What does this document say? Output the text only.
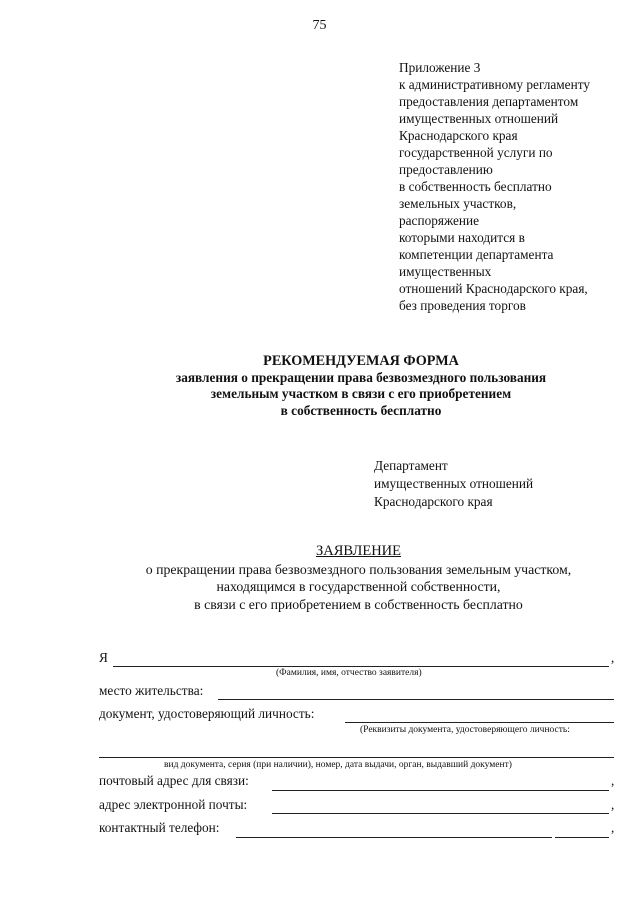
75
Приложение 3
к административному регламенту
предоставления департаментом
имущественных отношений
Краснодарского края
государственной услуги по
предоставлению
в собственность бесплатно
земельных участков,
распоряжение
которыми находится в
компетенции департамента
имущественных
отношений Краснодарского края,
без проведения торгов
РЕКОМЕНДУЕМАЯ ФОРМА
заявления о прекращении права безвозмездного пользования
земельным участком в связи с его приобретением
в собственность бесплатно
Департамент
имущественных отношений
Краснодарского края
ЗАЯВЛЕНИЕ
о прекращении права безвозмездного пользования земельным участком,
находящимся в государственной собственности,
в связи с его приобретением в собственность бесплатно
Я	,
(Фамилия, имя, отчество заявителя)
место жительства:
документ, удостоверяющий личность:
(Реквизиты документа, удостоверяющего личность:
вид документа, серия (при наличии), номер, дата выдачи, орган, выдавший документ)
почтовый адрес для связи:	,
адрес электронной почты:	,
контактный телефон:	,
